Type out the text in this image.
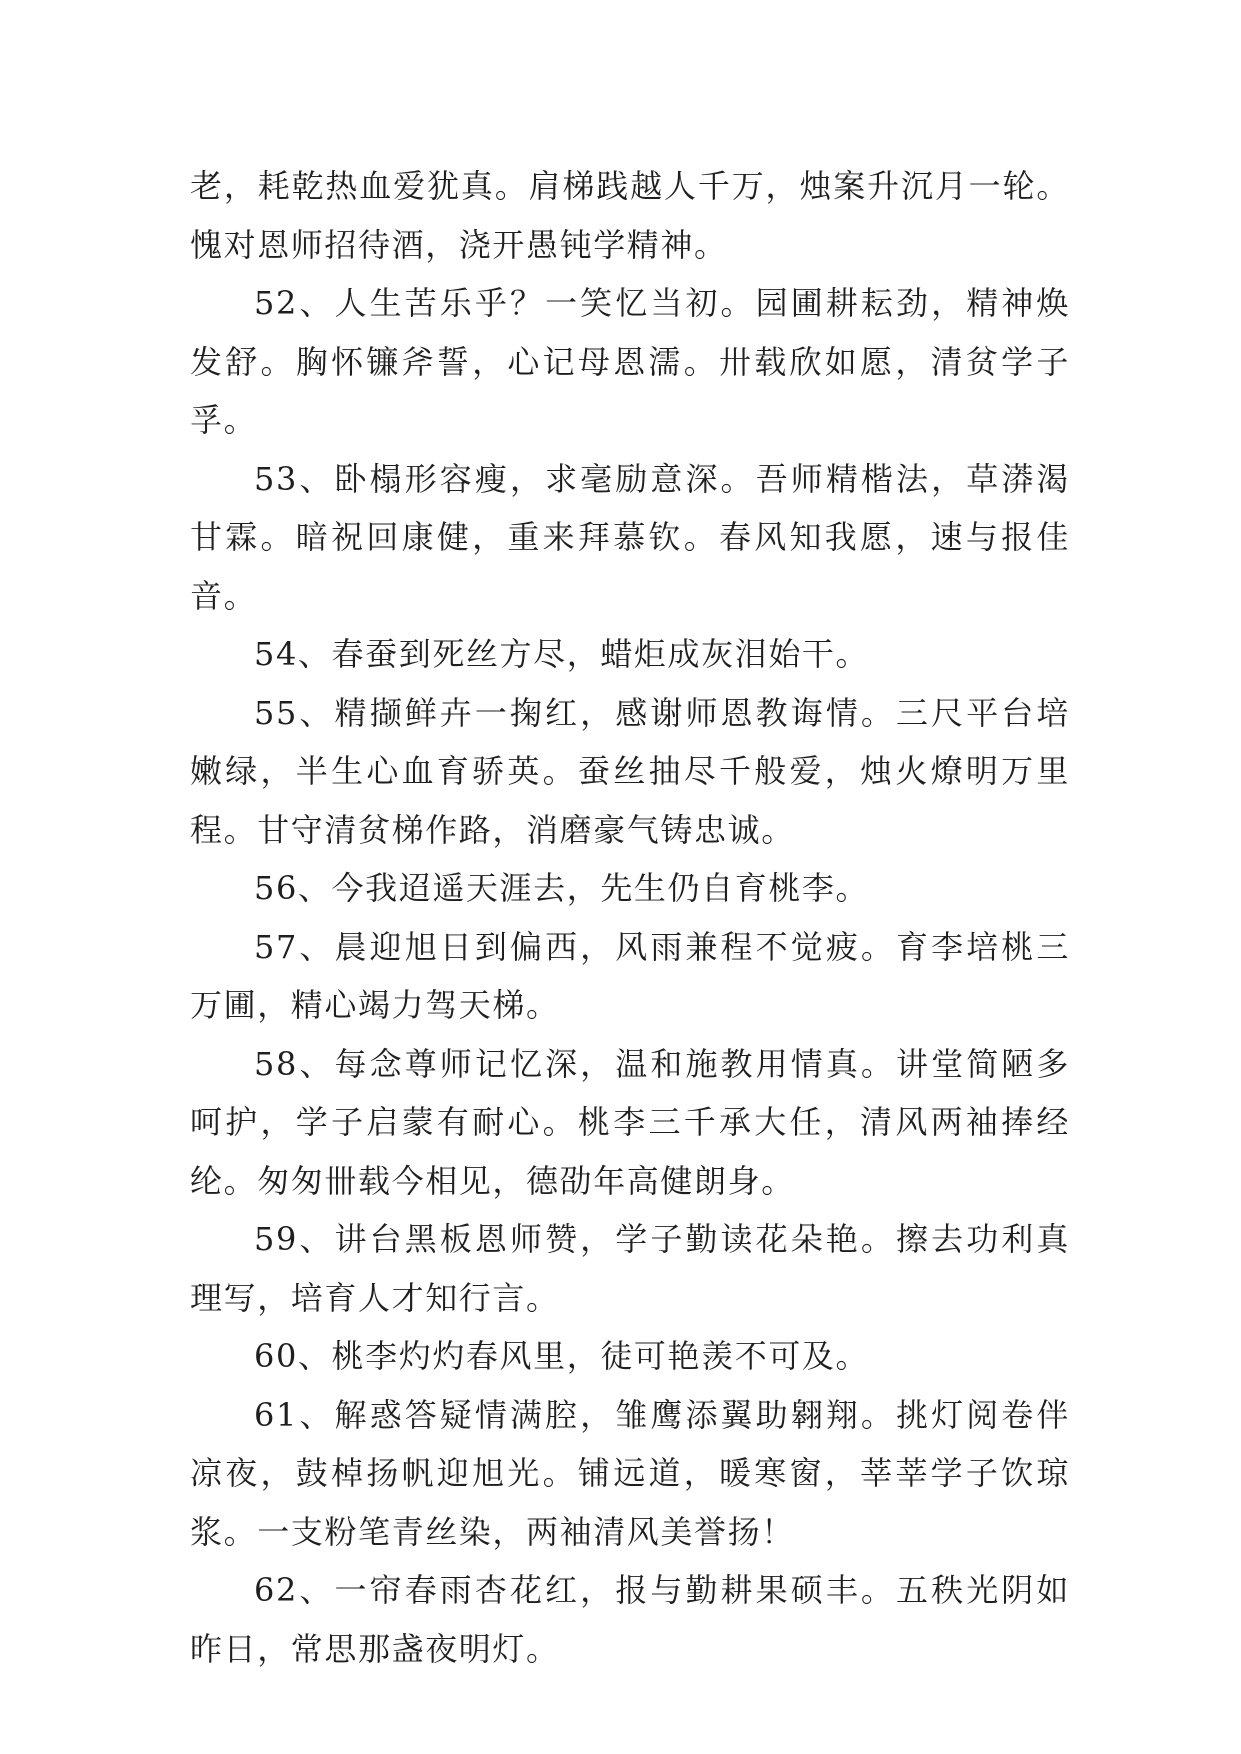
老，耗乾热血爱犹真。肩梯践越人千万，烛案升沉月一轮。愧对恩师招待酒，浇开愚钝学精神。

52、人生苦乐乎？一笑忆当初。园圃耕耘劲，精神焕发舒。胸怀镰斧誓，心记母恩濡。卅载欣如愿，清贫学子孚。

53、卧榻形容瘦，求毫励意深。吾师精楷法，草漭渴甘霖。暗祝回康健，重来拜慕钦。春风知我愿，速与报佳音。

54、春蚕到死丝方尽，蜡炬成灰泪始干。

55、精撷鲜卉一掬红，感谢师恩教诲情。三尺平台培嫩绿，半生心血育骄英。蚕丝抽尽千般爱，烛火燎明万里程。甘守清贫梯作路，消磨豪气铸忠诚。

56、今我迢遥天涯去，先生仍自育桃李。

57、晨迎旭日到偏西，风雨兼程不觉疲。育李培桃三万圃，精心竭力驾天梯。

58、每念尊师记忆深，温和施教用情真。讲堂简陋多呵护，学子启蒙有耐心。桃李三千承大任，清风两袖捧经纶。匆匆卌载今相见，德劭年高健朗身。

59、讲台黑板恩师赞，学子勤读花朵艳。擦去功利真理写，培育人才知行言。

60、桃李灼灼春风里，徒可艳羡不可及。

61、解惑答疑情满腔，雏鹰添翼助翱翔。挑灯阅卷伴凉夜，鼓棹扬帆迎旭光。铺远道，暖寒窗，莘莘学子饮琼浆。一支粉笔青丝染，两袖清风美誉扬！

62、一帘春雨杏花红，报与勤耕果硕丰。五秩光阴如昨日，常思那盏夜明灯。
